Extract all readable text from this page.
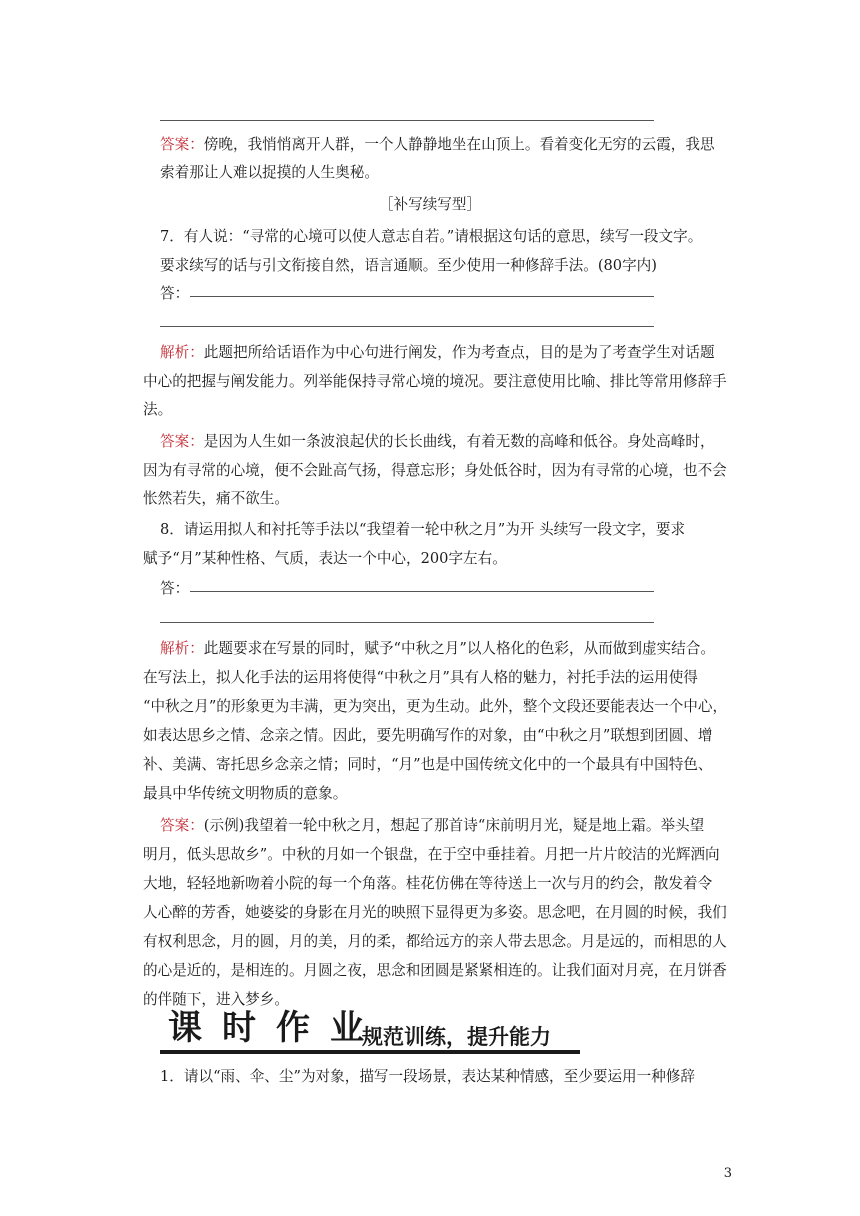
答案：傍晚，我悄悄离开人群，一个人静静地坐在山顶上。看着变化无穷的云霞，我思
索着那让人难以捉摸的人生奥秘。
［补写续写型］
7．有人说：“寻常的心境可以使人意志自若。”请根据这句话的意思，续写一段文字。
要求续写的话与引文衔接自然，语言通顺。至少使用一种修辞手法。(80字内)
答：
解析：此题把所给话语作为中心句进行阐发，作为考查点，目的是为了考查学生对话题
中心的把握与阐发能力。列举能保持寻常心境的境况。要注意使用比喻、排比等常用修辞手
法。
答案：是因为人生如一条波浪起伏的长长曲线，有着无数的高峰和低谷。身处高峰时，
因为有寻常的心境，便不会趾高气扬，得意忘形；身处低谷时，因为有寻常的心境，也不会
怅然若失，痛不欲生。
8．请运用拟人和衬托等手法以“我望着一轮中秋之月”为开 头续写一段文字，要求
赋予“月”某种性格、气质，表达一个中心，200字左右。
答：
解析：此题要求在写景的同时，赋予“中秋之月”以人格化的色彩，从而做到虚实结合。
在写法上，拟人化手法的运用将使得“中秋之月”具有人格的魅力，衬托手法的运用使得
“中秋之月”的形象更为丰满，更为突出，更为生动。此外，整个文段还要能表达一个中心，
如表达思乡之情、念亲之情。因此，要先明确写作的对象，由“中秋之月”联想到团圆、增
补、美满、寄托思乡念亲之情；同时，“月”也是中国传统文化中的一个最具有中国特色、
最具中华传统文明物质的意象。
答案：(示例)我望着一轮中秋之月，想起了那首诗“床前明月光，疑是地上霜。举头望
明月，低头思故乡”。中秋的月如一个银盘，在于空中垂挂着。月把一片片皎洁的光辉洒向
大地，轻轻地新吻着小院的每一个角落。桂花仿佛在等待送上一次与月的约会，散发着令
人心醉的芳香，她婆娑的身影在月光的映照下显得更为多姿。思念吧，在月圆的时候，我们
有权利思念，月的圆，月的美，月的柔，都给远方的亲人带去思念。月是远的，而相思的人
的心是近的，是相连的。月圆之夜，思念和团圆是紧紧相连的。让我们面对月亮，在月饼香
的伴随下，进入梦乡。
课时作业
规范训练，提升能力
1．请以“雨、伞、尘”为对象，描写一段场景，表达某种情感，至少要运用一种修辞
3
